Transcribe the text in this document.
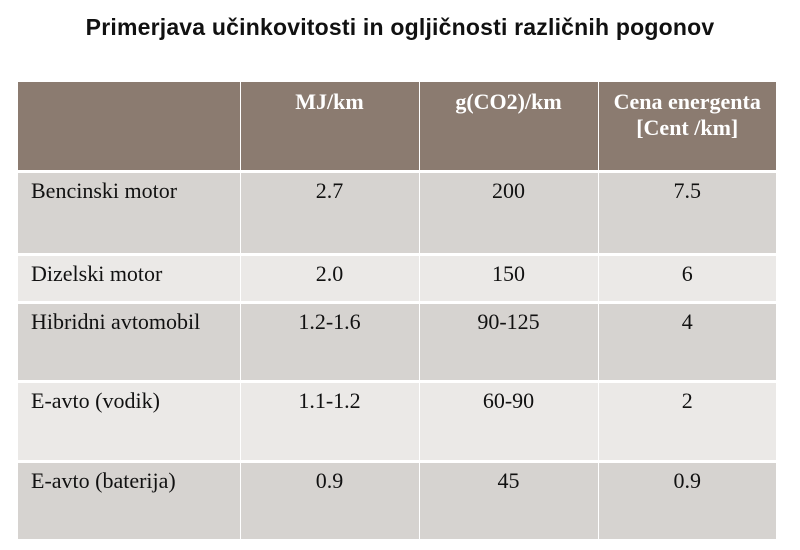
Primerjava učinkovitosti in ogljičnosti različnih pogonov
	MJ/km	g(CO2)/km	Cena energenta [Cent /km]
Bencinski motor	2.7	200	7.5
Dizelski motor	2.0	150	6
Hibridni avtomobil	1.2-1.6	90-125	4
E-avto (vodik)	1.1-1.2	60-90	2
E-avto (baterija)	0.9	45	0.9
